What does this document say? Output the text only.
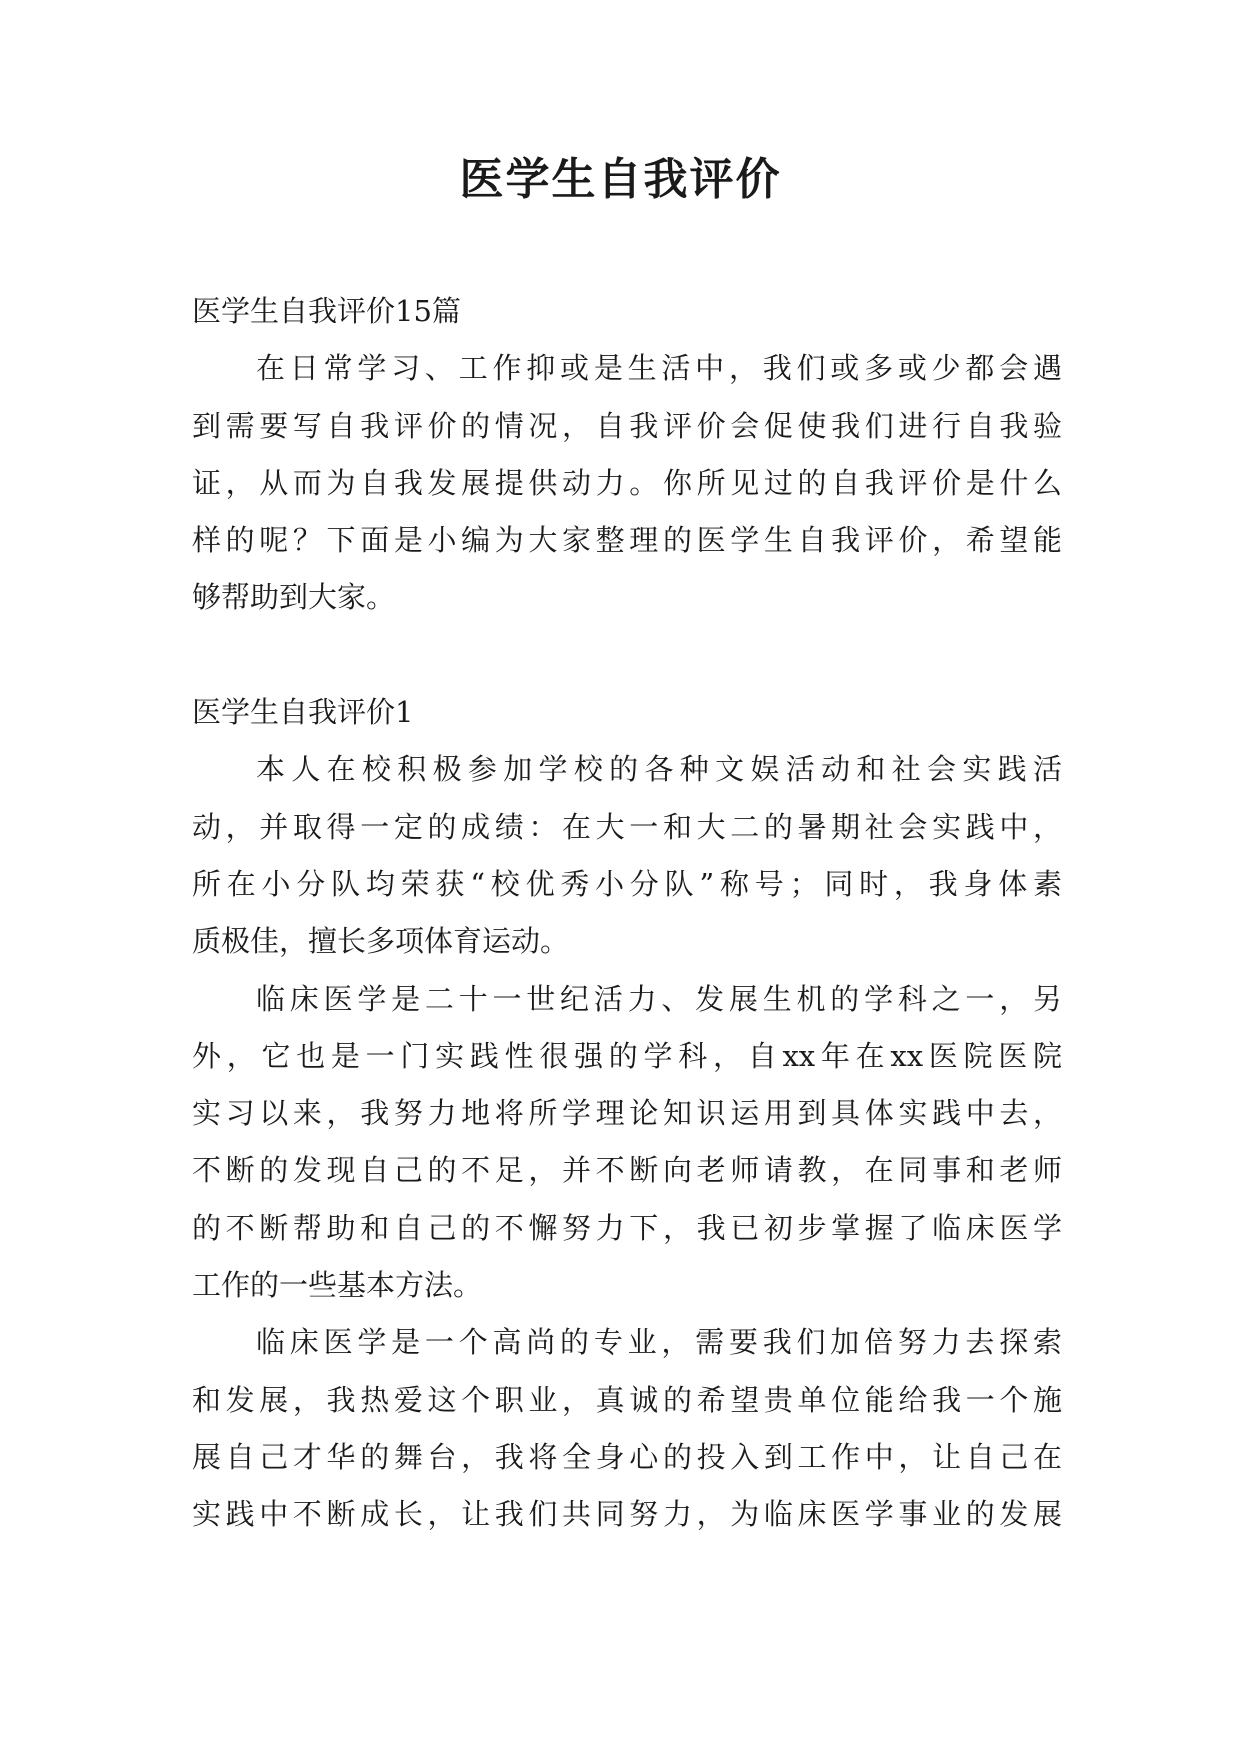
医学生自我评价
医学生自我评价15篇
在日常学习、工作抑或是生活中，我们或多或少都会遇
到需要写自我评价的情况，自我评价会促使我们进行自我验
证，从而为自我发展提供动力。你所见过的自我评价是什么
样的呢？下面是小编为大家整理的医学生自我评价，希望能
够帮助到大家。
医学生自我评价1
本人在校积极参加学校的各种文娱活动和社会实践活
动，并取得一定的成绩：在大一和大二的暑期社会实践中，
所在小分队均荣获“校优秀小分队”称号；同时，我身体素
质极佳，擅长多项体育运动。
临床医学是二十一世纪活力、发展生机的学科之一，另
外，它也是一门实践性很强的学科，自xx年在xx医院医院
实习以来，我努力地将所学理论知识运用到具体实践中去，
不断的发现自己的不足，并不断向老师请教，在同事和老师
的不断帮助和自己的不懈努力下，我已初步掌握了临床医学
工作的一些基本方法。
临床医学是一个高尚的专业，需要我们加倍努力去探索
和发展，我热爱这个职业，真诚的希望贵单位能给我一个施
展自己才华的舞台，我将全身心的投入到工作中，让自己在
实践中不断成长，让我们共同努力，为临床医学事业的发展
